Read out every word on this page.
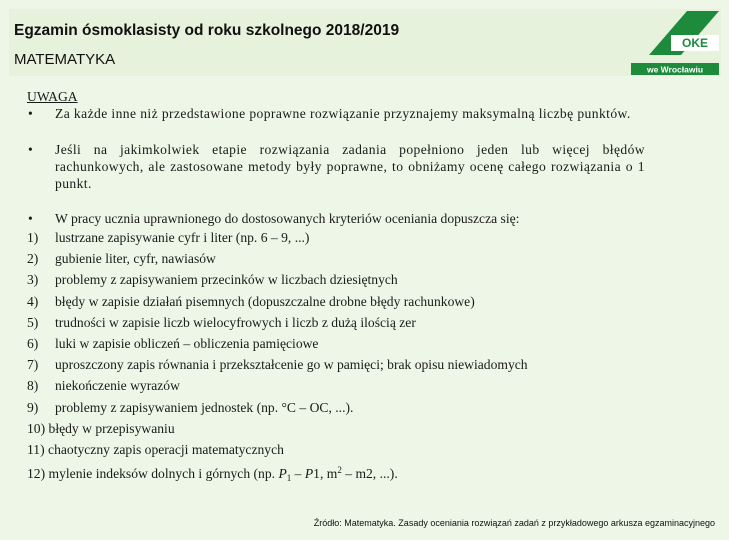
Egzamin ósmoklasisty od roku szkolnego 2018/2019
MATEMATYKA
OKE
we Wrocławiu
UWAGA
• Za każde inne niż przedstawione poprawne rozwiązanie przyznajemy maksymalną liczbę punktów.
• Jeśli na jakimkolwiek etapie rozwiązania zadania popełniono jeden lub więcej błędów rachunkowych, ale zastosowane metody były poprawne, to obniżamy ocenę całego rozwiązania o 1 punkt.
• W pracy ucznia uprawnionego do dostosowanych kryteriów oceniania dopuszcza się:
1) lustrzane zapisywanie cyfr i liter (np. 6 – 9, ...)
2) gubienie liter, cyfr, nawiasów
3) problemy z zapisywaniem przecinków w liczbach dziesiętnych
4) błędy w zapisie działań pisemnych (dopuszczalne drobne błędy rachunkowe)
5) trudności w zapisie liczb wielocyfrowych i liczb z dużą ilością zer
6) luki w zapisie obliczeń – obliczenia pamięciowe
7) uproszczony zapis równania i przekształcenie go w pamięci; brak opisu niewiadomych
8) niekończenie wyrazów
9) problemy z zapisywaniem jednostek (np. °C – OC, ...).
10) błędy w przepisywaniu
11) chaotyczny zapis operacji matematycznych
12) mylenie indeksów dolnych i górnych (np. $P_1 - P1$, $m^2 - m2$, ...).
Źródło: Matematyka. Zasady oceniania rozwiązań zadań z przykładowego arkusza egzaminacyjnego
